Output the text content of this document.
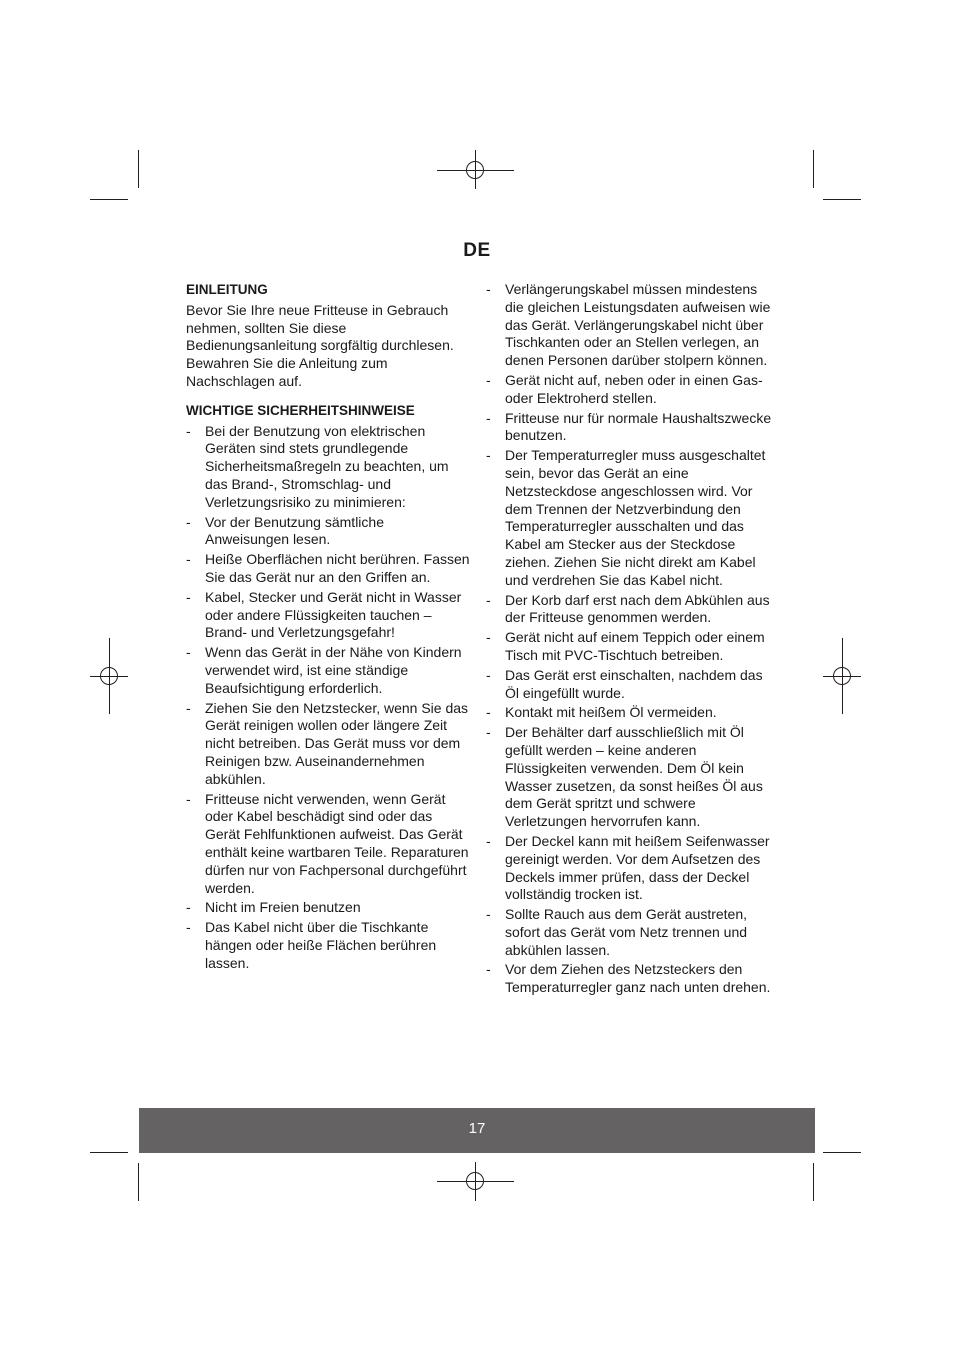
DE
EINLEITUNG

Bevor Sie Ihre neue Fritteuse in Gebrauch nehmen, sollten Sie diese Bedienungsanleitung sorgfältig durchlesen. Bewahren Sie die Anleitung zum Nachschlagen auf.

WICHTIGE SICHERHEITSHINWEISE
- Bei der Benutzung von elektrischen Geräten sind stets grundlegende Sicherheitsmaßregeln zu beachten, um das Brand-, Stromschlag- und Verletzungsrisiko zu minimieren:
- Vor der Benutzung sämtliche Anweisungen lesen.
- Heiße Oberflächen nicht berühren. Fassen Sie das Gerät nur an den Griffen an.
- Kabel, Stecker und Gerät nicht in Wasser oder andere Flüssigkeiten tauchen – Brand- und Verletzungsgefahr!
- Wenn das Gerät in der Nähe von Kindern verwendet wird, ist eine ständige Beaufsichtigung erforderlich.
- Ziehen Sie den Netzstecker, wenn Sie das Gerät reinigen wollen oder längere Zeit nicht betreiben. Das Gerät muss vor dem Reinigen bzw. Auseinandernehmen abkühlen.
- Fritteuse nicht verwenden, wenn Gerät oder Kabel beschädigt sind oder das Gerät Fehlfunktionen aufweist. Das Gerät enthält keine wartbaren Teile. Reparaturen dürfen nur von Fachpersonal durchgeführt werden.
- Nicht im Freien benutzen
- Das Kabel nicht über die Tischkante hängen oder heiße Flächen berühren lassen.
- Verlängerungskabel müssen mindestens die gleichen Leistungsdaten aufweisen wie das Gerät. Verlängerungskabel nicht über Tischkanten oder an Stellen verlegen, an denen Personen darüber stolpern können.
- Gerät nicht auf, neben oder in einen Gas- oder Elektroherd stellen.
- Fritteuse nur für normale Haushaltszwecke benutzen.
- Der Temperaturregler muss ausgeschaltet sein, bevor das Gerät an eine Netzsteckdose angeschlossen wird. Vor dem Trennen der Netzverbindung den Temperaturregler ausschalten und das Kabel am Stecker aus der Steckdose ziehen. Ziehen Sie nicht direkt am Kabel und verdrehen Sie das Kabel nicht.
- Der Korb darf erst nach dem Abkühlen aus der Fritteuse genommen werden.
- Gerät nicht auf einem Teppich oder einem Tisch mit PVC-Tischtuch betreiben.
- Das Gerät erst einschalten, nachdem das Öl eingefüllt wurde.
- Kontakt mit heißem Öl vermeiden.
- Der Behälter darf ausschließlich mit Öl gefüllt werden – keine anderen Flüssigkeiten verwenden. Dem Öl kein Wasser zusetzen, da sonst heißes Öl aus dem Gerät spritzt und schwere Verletzungen hervorrufen kann.
- Der Deckel kann mit heißem Seifenwasser gereinigt werden. Vor dem Aufsetzen des Deckels immer prüfen, dass der Deckel vollständig trocken ist.
- Sollte Rauch aus dem Gerät austreten, sofort das Gerät vom Netz trennen und abkühlen lassen.
- Vor dem Ziehen des Netzsteckers den Temperaturregler ganz nach unten drehen.
17
